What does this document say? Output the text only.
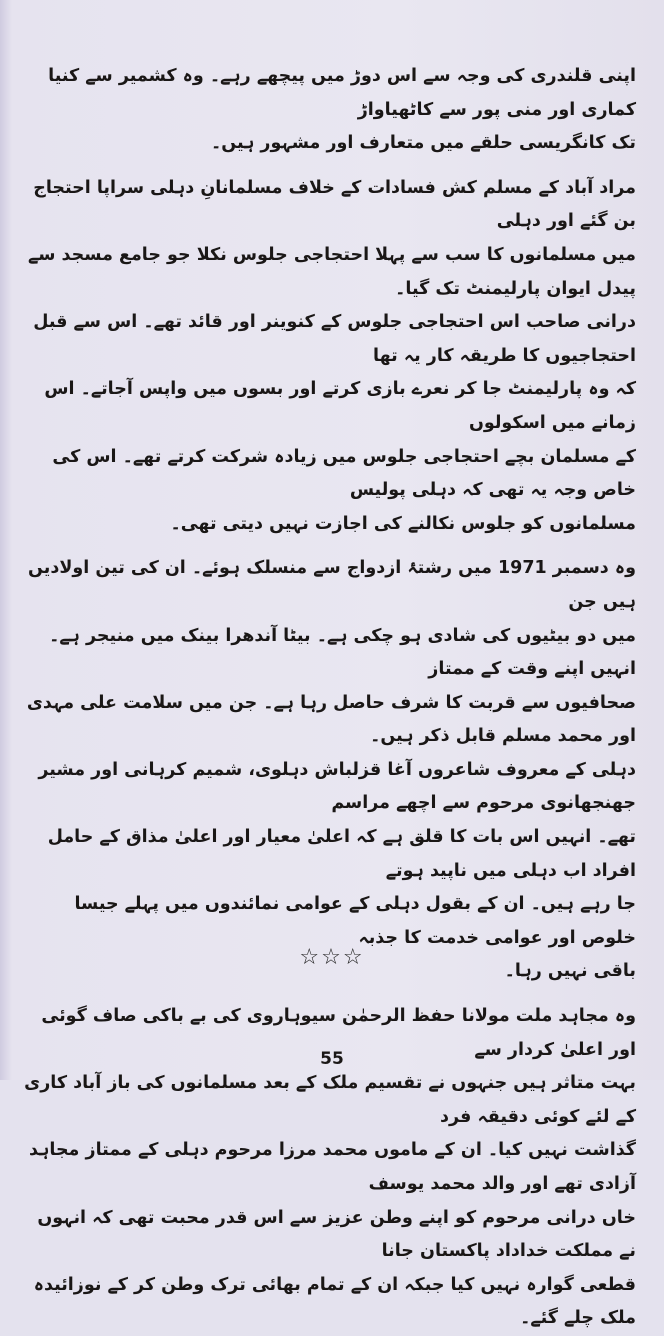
اپنی قلندری کی وجہ سے اس دوڑ میں پیچھے رہے۔ وہ کشمیر سے کنیا کماری اور منی پور سے کاٹھیاواڑ

تک کانگریسی حلقے میں متعارف اور مشہور ہیں۔

مراد آباد کے مسلم کش فسادات کے خلاف مسلمانانِ دہلی سراپا احتجاج بن گئے اور دہلی

میں مسلمانوں کا سب سے پہلا احتجاجی جلوس نکلا جو جامع مسجد سے پیدل ایوان پارلیمنٹ تک گیا۔

درانی صاحب اس احتجاجی جلوس کے کنوینر اور قائد تھے۔ اس سے قبل احتجاجیوں کا طریقہ کار یہ تھا

کہ وہ پارلیمنٹ جا کر نعرے بازی کرتے اور بسوں میں واپس آجاتے۔ اس زمانے میں اسکولوں

کے مسلمان بچے احتجاجی جلوس میں زیادہ شرکت کرتے تھے۔ اس کی خاص وجہ یہ تھی کہ دہلی پولیس

مسلمانوں کو جلوس نکالنے کی اجازت نہیں دیتی تھی۔

وہ دسمبر 1971 میں رشتۂ ازدواج سے منسلک ہوئے۔ ان کی تین اولادیں ہیں جن

میں دو بیٹیوں کی شادی ہو چکی ہے۔ بیٹا آندھرا بینک میں منیجر ہے۔ انہیں اپنے وقت کے ممتاز

صحافیوں سے قربت کا شرف حاصل رہا ہے۔ جن میں سلامت علی مہدی اور محمد مسلم قابل ذکر ہیں۔

دہلی کے معروف شاعروں آغا قزلباش دہلوی، شمیم کرہانی اور مشیر جھنجھانوی مرحوم سے اچھے مراسم

تھے۔ انہیں اس بات کا قلق ہے کہ اعلیٰ معیار اور اعلیٰ مذاق کے حامل افراد اب دہلی میں ناپید ہوتے

جا رہے ہیں۔ ان کے بقول دہلی کے عوامی نمائندوں میں پہلے جیسا خلوص اور عوامی خدمت کا جذبہ

باقی نہیں رہا۔

وہ مجاہد ملت مولانا حفظ الرحمٰن سیوہاروی کی بے باکی صاف گوئی اور اعلیٰ کردار سے

بہت متاثر ہیں جنہوں نے تقسیم ملک کے بعد مسلمانوں کی باز آباد کاری کے لئے کوئی دقیقہ فرد

گذاشت نہیں کیا۔ ان کے ماموں محمد مرزا مرحوم دہلی کے ممتاز مجاہد آزادی تھے اور والد محمد یوسف

خاں درانی مرحوم کو اپنے وطن عزیز سے اس قدر محبت تھی کہ انہوں نے مملکت خداداد پاکستان جانا

قطعی گوارہ نہیں کیا جبکہ ان کے تمام بھائی ترک وطن کر کے نوزائیدہ ملک چلے گئے۔

☆☆☆
55
